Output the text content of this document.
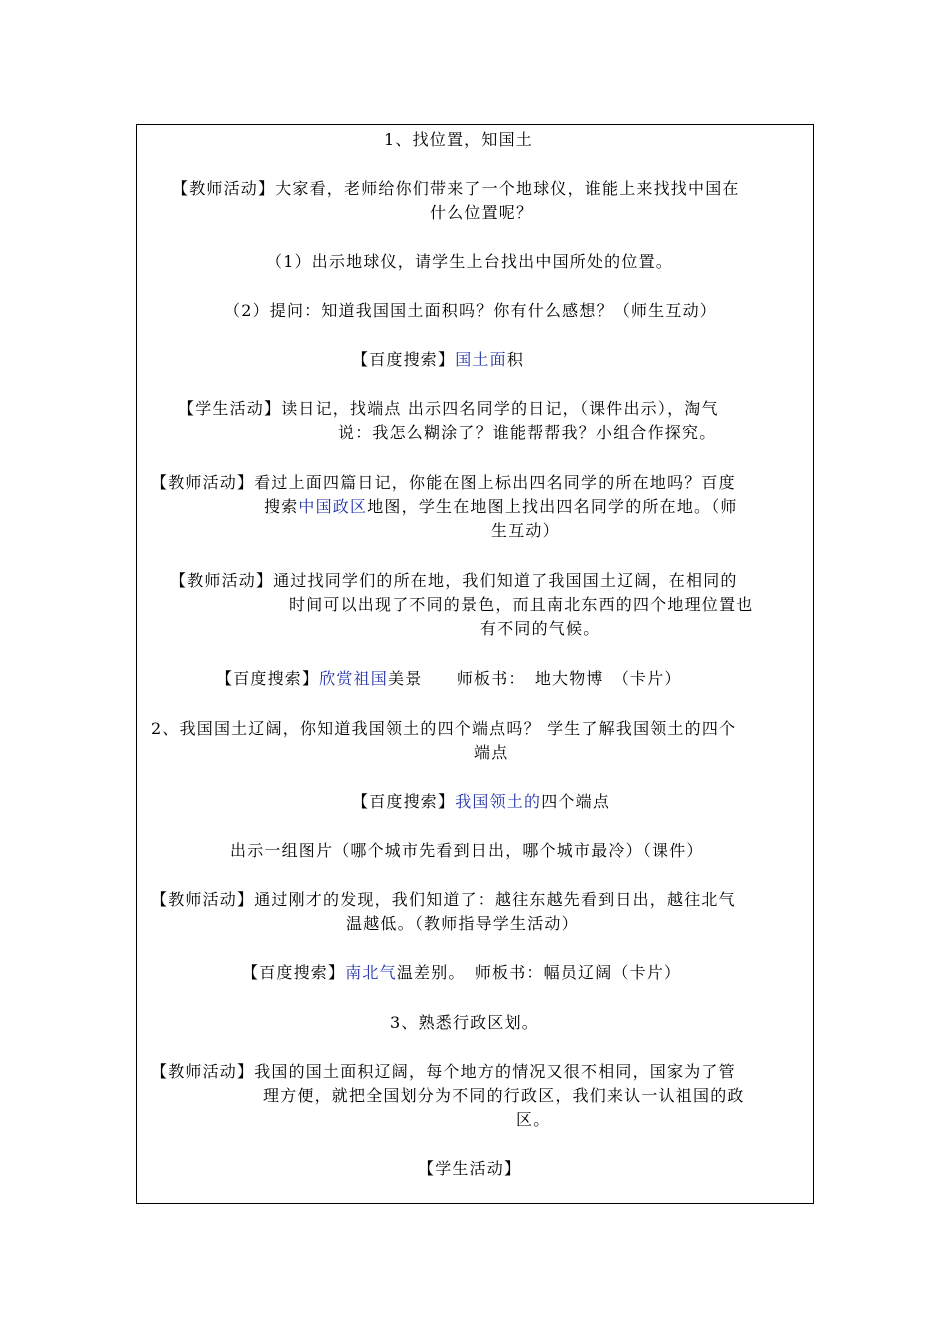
1、找位置，知国土
【教师活动】大家看，老师给你们带来了一个地球仪，谁能上来找找中国在
什么位置呢？
（1）出示地球仪，请学生上台找出中国所处的位置。
（2）提问：知道我国国土面积吗？你有什么感想？（师生互动）
【百度搜索】国土面积
【学生活动】读日记，找端点 出示四名同学的日记，（课件出示），淘气
说：我怎么糊涂了？谁能帮帮我？小组合作探究。
【教师活动】看过上面四篇日记，你能在图上标出四名同学的所在地吗？百度
搜索中国政区地图，学生在地图上找出四名同学的所在地。（师
生互动）
【教师活动】通过找同学们的所在地，我们知道了我国国土辽阔，在相同的
时间可以出现了不同的景色，而且南北东西的四个地理位置也
有不同的气候。
【百度搜索】欣赏祖国美景　　师板书：　地大物博　（卡片）
2、我国国土辽阔，你知道我国领土的四个端点吗？ 学生了解我国领土的四个
端点
【百度搜索】我国领土的四个端点
出示一组图片（哪个城市先看到日出，哪个城市最冷）（课件）
【教师活动】通过刚才的发现，我们知道了：越往东越先看到日出，越往北气
温越低。（教师指导学生活动）
【百度搜索】南北气温差别。　师板书：幅员辽阔（卡片）
3、熟悉行政区划。
【教师活动】我国的国土面积辽阔，每个地方的情况又很不相同，国家为了管
理方便，就把全国划分为不同的行政区，我们来认一认祖国的政
区。
【学生活动】
